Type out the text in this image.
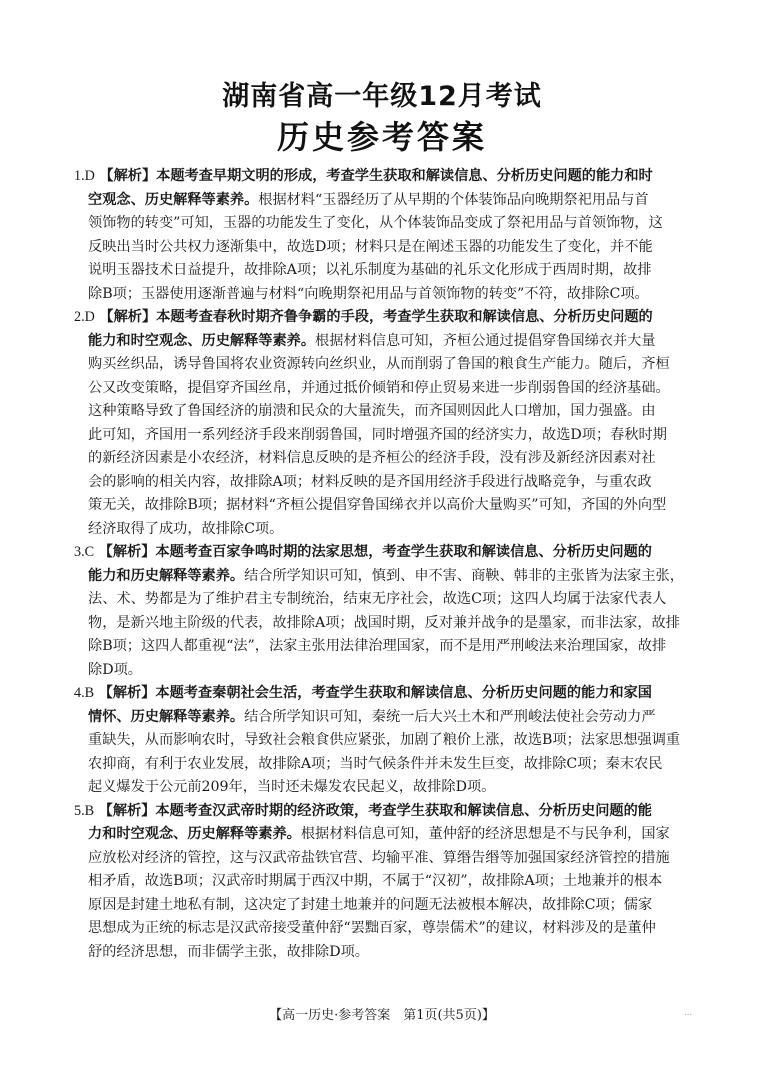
湖南省高一年级12月考试
历史参考答案
1.D 【解析】本题考查早期文明的形成，考查学生获取和解读信息、分析历史问题的能力和时
空观念、历史解释等素养。根据材料“玉器经历了从早期的个体装饰品向晚期祭祀用品与首
领饰物的转变”可知，玉器的功能发生了变化，从个体装饰品变成了祭祀用品与首领饰物，这
反映出当时公共权力逐渐集中，故选D项；材料只是在阐述玉器的功能发生了变化，并不能
说明玉器技术日益提升，故排除A项；以礼乐制度为基础的礼乐文化形成于西周时期，故排
除B项；玉器使用逐渐普遍与材料“向晚期祭祀用品与首领饰物的转变”不符，故排除C项。
2.D 【解析】本题考查春秋时期齐鲁争霸的手段，考查学生获取和解读信息、分析历史问题的
能力和时空观念、历史解释等素养。根据材料信息可知，齐桓公通过提倡穿鲁国绨衣并大量
购买丝织品，诱导鲁国将农业资源转向丝织业，从而削弱了鲁国的粮食生产能力。随后，齐桓
公又改变策略，提倡穿齐国丝帛，并通过抵价倾销和停止贸易来进一步削弱鲁国的经济基础。
这种策略导致了鲁国经济的崩溃和民众的大量流失，而齐国则因此人口增加，国力强盛。由
此可知，齐国用一系列经济手段来削弱鲁国，同时增强齐国的经济实力，故选D项；春秋时期
的新经济因素是小农经济，材料信息反映的是齐桓公的经济手段，没有涉及新经济因素对社
会的影响的相关内容，故排除A项；材料反映的是齐国用经济手段进行战略竞争，与重农政
策无关，故排除B项；据材料“齐桓公提倡穿鲁国绨衣并以高价大量购买”可知，齐国的外向型
经济取得了成功，故排除C项。
3.C 【解析】本题考查百家争鸣时期的法家思想，考查学生获取和解读信息、分析历史问题的
能力和历史解释等素养。结合所学知识可知，慎到、申不害、商鞅、韩非的主张皆为法家主张，
法、术、势都是为了维护君主专制统治，结束无序社会，故选C项；这四人均属于法家代表人
物，是新兴地主阶级的代表，故排除A项；战国时期，反对兼并战争的是墨家，而非法家，故排
除B项；这四人都重视“法”，法家主张用法律治理国家，而不是用严刑峻法来治理国家，故排
除D项。
4.B 【解析】本题考查秦朝社会生活，考查学生获取和解读信息、分析历史问题的能力和家国
情怀、历史解释等素养。结合所学知识可知，秦统一后大兴土木和严刑峻法使社会劳动力严
重缺失，从而影响农时，导致社会粮食供应紧张，加剧了粮价上涨，故选B项；法家思想强调重
农抑商，有利于农业发展，故排除A项；当时气候条件并未发生巨变，故排除C项；秦末农民
起义爆发于公元前209年，当时还未爆发农民起义，故排除D项。
5.B 【解析】本题考查汉武帝时期的经济政策，考查学生获取和解读信息、分析历史问题的能
力和时空观念、历史解释等素养。根据材料信息可知，董仲舒的经济思想是不与民争利，国家
应放松对经济的管控，这与汉武帝盐铁官营、均输平准、算缗告缗等加强国家经济管控的措施
相矛盾，故选B项；汉武帝时期属于西汉中期，不属于“汉初”，故排除A项；土地兼并的根本
原因是封建土地私有制，这决定了封建土地兼并的问题无法被根本解决，故排除C项；儒家
思想成为正统的标志是汉武帝接受董仲舒“罢黜百家，尊崇儒术”的建议，材料涉及的是董仲
舒的经济思想，而非儒学主张，故排除D项。
【高一历史·参考答案　第1页(共5页)】	...
